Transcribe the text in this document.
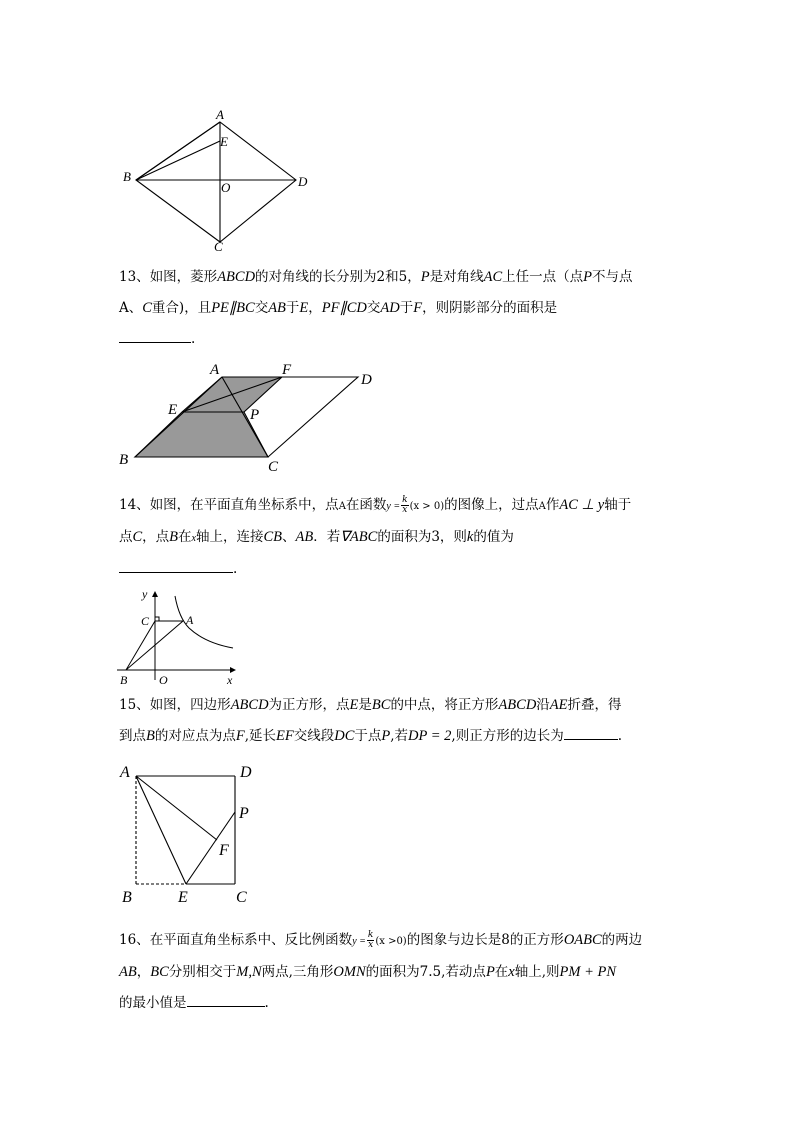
A
E
B
O	D
C
13、如图，菱形ABCD的对角线的长分别为2和5，P是对角线AC上任一点（点P不与点
A、C重合)，且PE∥BC交AB于E，PF∥CD交AD于F，则阴影部分的面积是
.
A	F
D
E	P
B	C
14、如图，在平面直角坐标系中，点A在函数$y = \frac{k}{x} (x > 0)$的图像上，过点A作AC ⊥ y轴于
点C，点B在x轴上，连接CB、AB．若∇ABC的面积为3，则k的值为
.
y
C	A
B	O	x
15、如图，四边形ABCD为正方形，点E是BC的中点，将正方形ABCD沿AE折叠，得
到点B的对应点为点F,延长EF交线段DC于点P,若DP = 2,则正方形的边长为	.
A	D
P
F
B	E	C
16、在平面直角坐标系中、反比例函数$y = \frac{k}{x} (x >0)$的图象与边长是8的正方形OABC的两边
AB，BC分别相交于M,N两点,三角形OMN的面积为7.5,若动点P在x轴上,则PM + PN
的最小值是	.
